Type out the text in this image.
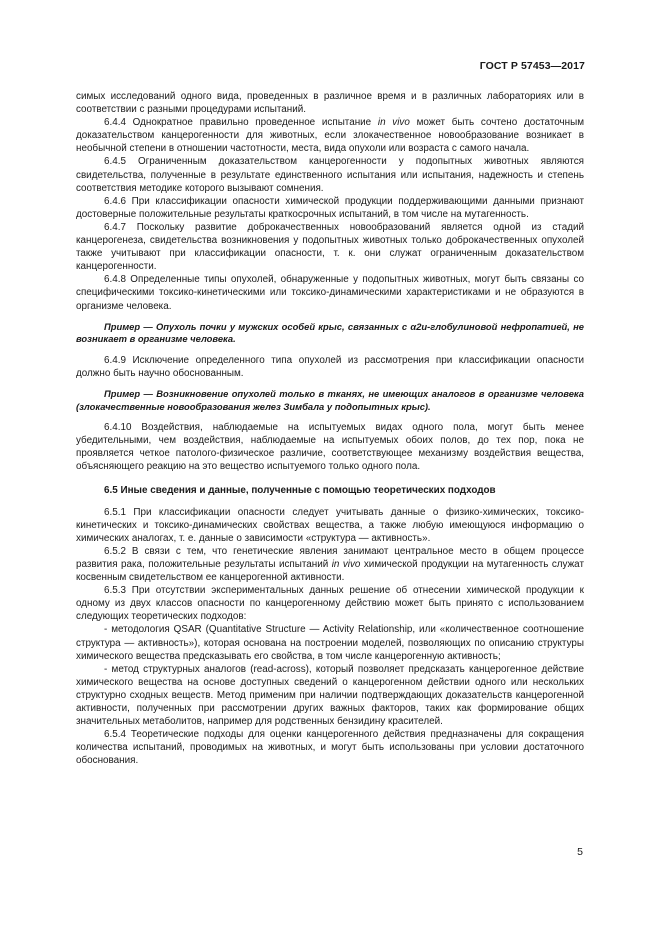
ГОСТ Р 57453—2017

симых исследований одного вида, проведенных в различное время и в различных лабораториях или в соответствии с разными процедурами испытаний.

6.4.4 Однократное правильно проведенное испытание in vivo может быть сочтено достаточным доказательством канцерогенности для животных, если злокачественное новообразование возникает в необычной степени в отношении частотности, места, вида опухоли или возраста с самого начала.

6.4.5 Ограниченным доказательством канцерогенности у подопытных животных являются свидетельства, полученные в результате единственного испытания или испытания, надежность и степень соответствия методике которого вызывают сомнения.

6.4.6 При классификации опасности химической продукции поддерживающими данными признают достоверные положительные результаты краткосрочных испытаний, в том числе на мутагенность.

6.4.7 Поскольку развитие доброкачественных новообразований является одной из стадий канцерогенеза, свидетельства возникновения у подопытных животных только доброкачественных опухолей также учитывают при классификации опасности, т. к. они служат ограниченным доказательством канцерогенности.

6.4.8 Определенные типы опухолей, обнаруженные у подопытных животных, могут быть связаны со специфическими токсико-кинетическими или токсико-динамическими характеристиками и не образуются в организме человека.

Пример — Опухоль почки у мужских особей крыс, связанных с α2u-глобулиновой нефропатией, не возникает в организме человека.

6.4.9 Исключение определенного типа опухолей из рассмотрения при классификации опасности должно быть научно обоснованным.

Пример — Возникновение опухолей только в тканях, не имеющих аналогов в организме человека (злокачественные новообразования желез Зимбала у подопытных крыс).

6.4.10 Воздействия, наблюдаемые на испытуемых видах одного пола, могут быть менее убедительными, чем воздействия, наблюдаемые на испытуемых обоих полов, до тех пор, пока не проявляется четкое патолого-физическое различие, соответствующее механизму воздействия вещества, объясняющего реакцию на это вещество испытуемого только одного пола.

6.5 Иные сведения и данные, полученные с помощью теоретических подходов

6.5.1 При классификации опасности следует учитывать данные о физико-химических, токсико-кинетических и токсико-динамических свойствах вещества, а также любую имеющуюся информацию о химических аналогах, т. е. данные о зависимости «структура — активность».

6.5.2 В связи с тем, что генетические явления занимают центральное место в общем процессе развития рака, положительные результаты испытаний in vivo химической продукции на мутагенность служат косвенным свидетельством ее канцерогенной активности.

6.5.3 При отсутствии экспериментальных данных решение об отнесении химической продукции к одному из двух классов опасности по канцерогенному действию может быть принято с использованием следующих теоретических подходов:

- методология QSAR (Quantitative Structure — Activity Relationship, или «количественное соотношение структура — активность»), которая основана на построении моделей, позволяющих по описанию структуры химического вещества предсказывать его свойства, в том числе канцерогенную активность;

- метод структурных аналогов (read-across), который позволяет предсказать канцерогенное действие химического вещества на основе доступных сведений о канцерогенном действии одного или нескольких структурно сходных веществ. Метод применим при наличии подтверждающих доказательств канцерогенной активности, полученных при рассмотрении других важных факторов, таких как формирование общих значительных метаболитов, например для родственных бензидину красителей.

6.5.4 Теоретические подходы для оценки канцерогенного действия предназначены для сокращения количества испытаний, проводимых на животных, и могут быть использованы при условии достаточного обоснования.

5
